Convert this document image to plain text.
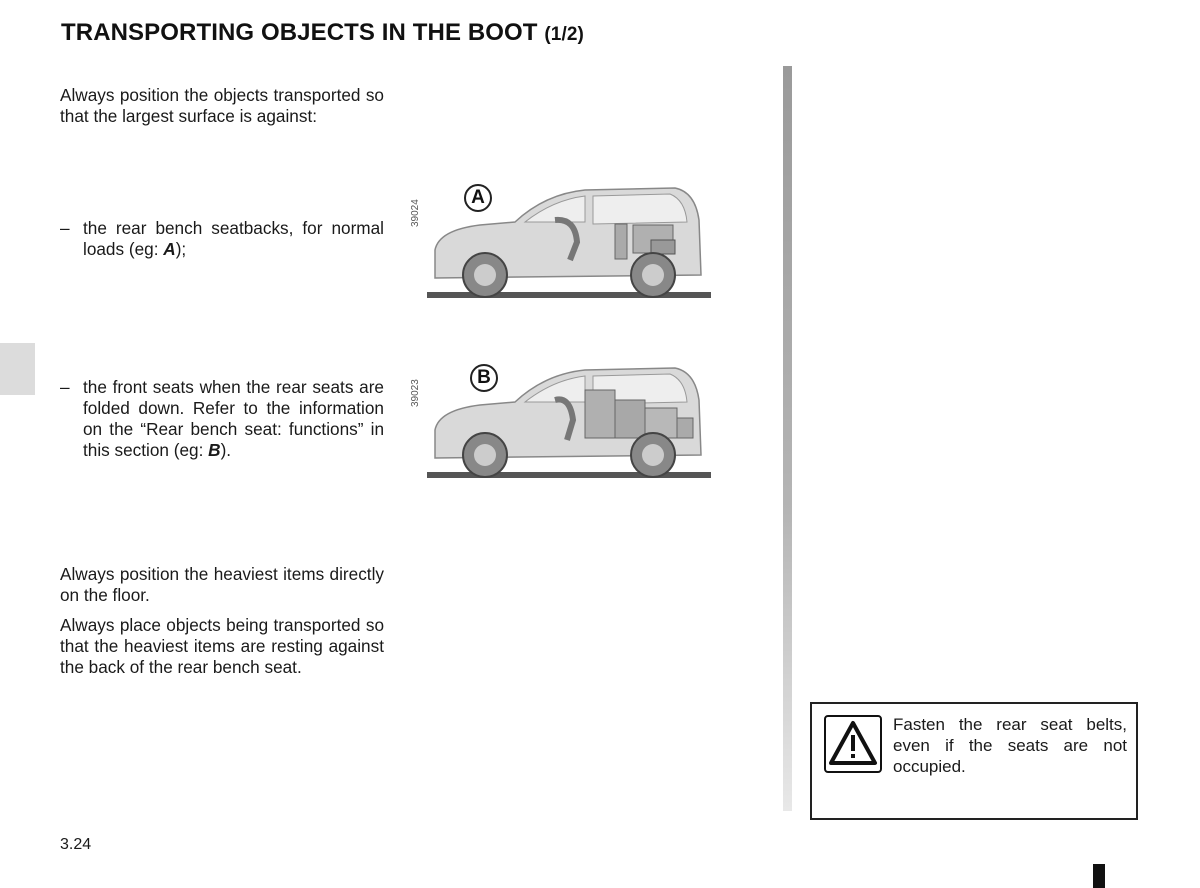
TRANSPORTING OBJECTS IN THE BOOT (1/2)

Always position the objects transported so that the largest surface is against:

– the rear bench seatbacks, for normal loads (eg: A);

– the front seats when the rear seats are folded down. Refer to the information on the “Rear bench seat: functions” in this section (eg: B).

Always position the heaviest items directly on the floor.

Always place objects being transported so that the heaviest items are resting against the back of the rear bench seat.

39024
A
39023
B

Fasten the rear seat belts, even if the seats are not occupied.

3.24
